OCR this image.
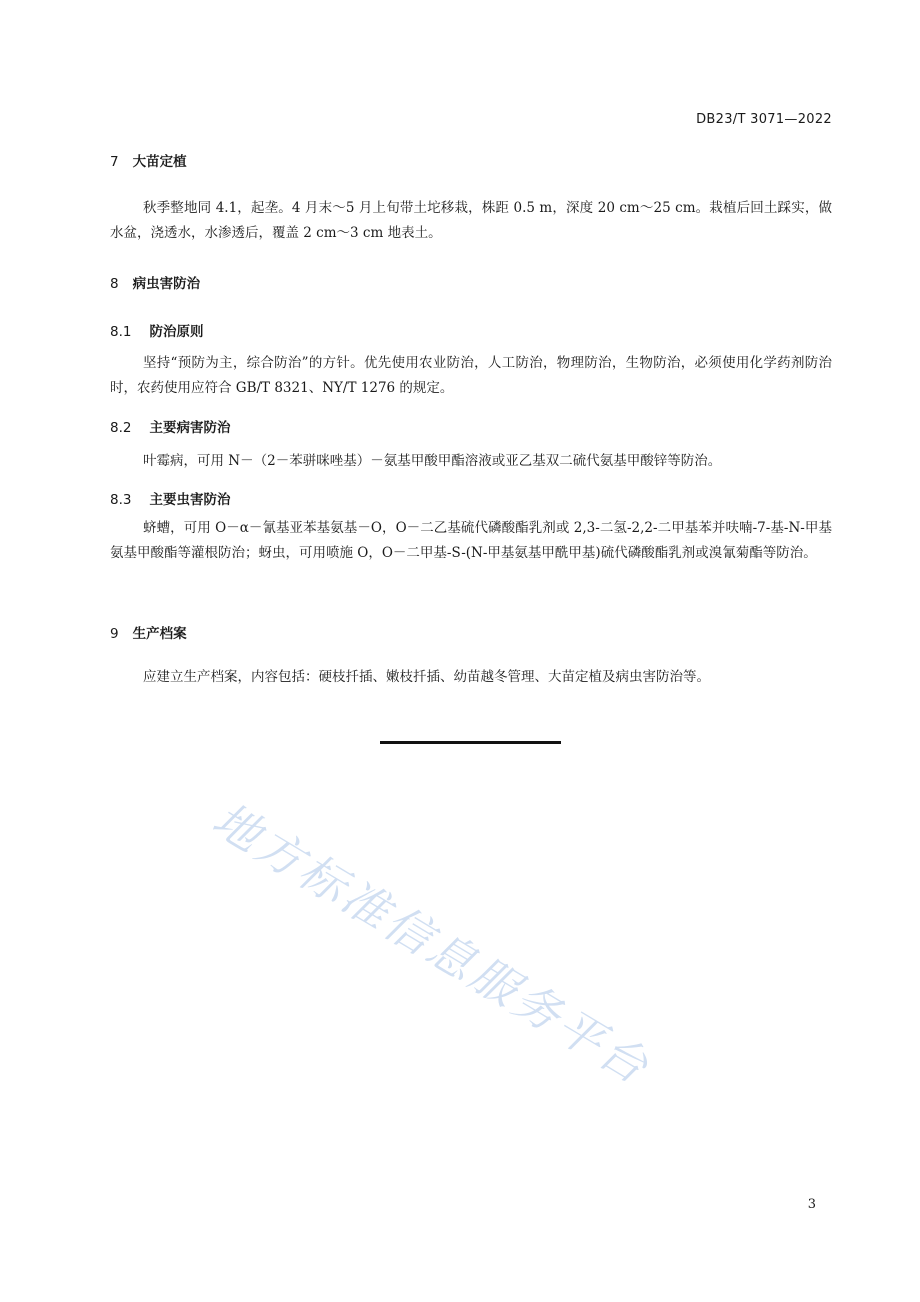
DB23/T 3071—2022
7 大苗定植
秋季整地同 4.1，起垄。4 月末～5 月上旬带土坨移栽，株距 0.5 m，深度 20 cm～25 cm。栽植后回土踩实，做水盆，浇透水，水渗透后，覆盖 2 cm～3 cm 地表土。
8 病虫害防治
8.1 防治原则
坚持“预防为主，综合防治”的方针。优先使用农业防治，人工防治，物理防治，生物防治，必须使用化学药剂防治时，农药使用应符合 GB/T 8321、NY/T 1276 的规定。
8.2 主要病害防治
叶霉病，可用 N－（2－苯骈咪唑基）－氨基甲酸甲酯溶液或亚乙基双二硫代氨基甲酸锌等防治。
8.3 主要虫害防治
蛴螬，可用 O－α－氰基亚苯基氨基－O，O－二乙基硫代磷酸酯乳剂或 2,3-二氢-2,2-二甲基苯并呋喃-7-基-N-甲基氨基甲酸酯等灌根防治；蚜虫，可用喷施 O，O－二甲基-S-(N-甲基氨基甲酰甲基)硫代磷酸酯乳剂或溴氰菊酯等防治。
9 生产档案
应建立生产档案，内容包括：硬枝扦插、嫩枝扦插、幼苗越冬管理、大苗定植及病虫害防治等。
地方标准信息服务平台
3
